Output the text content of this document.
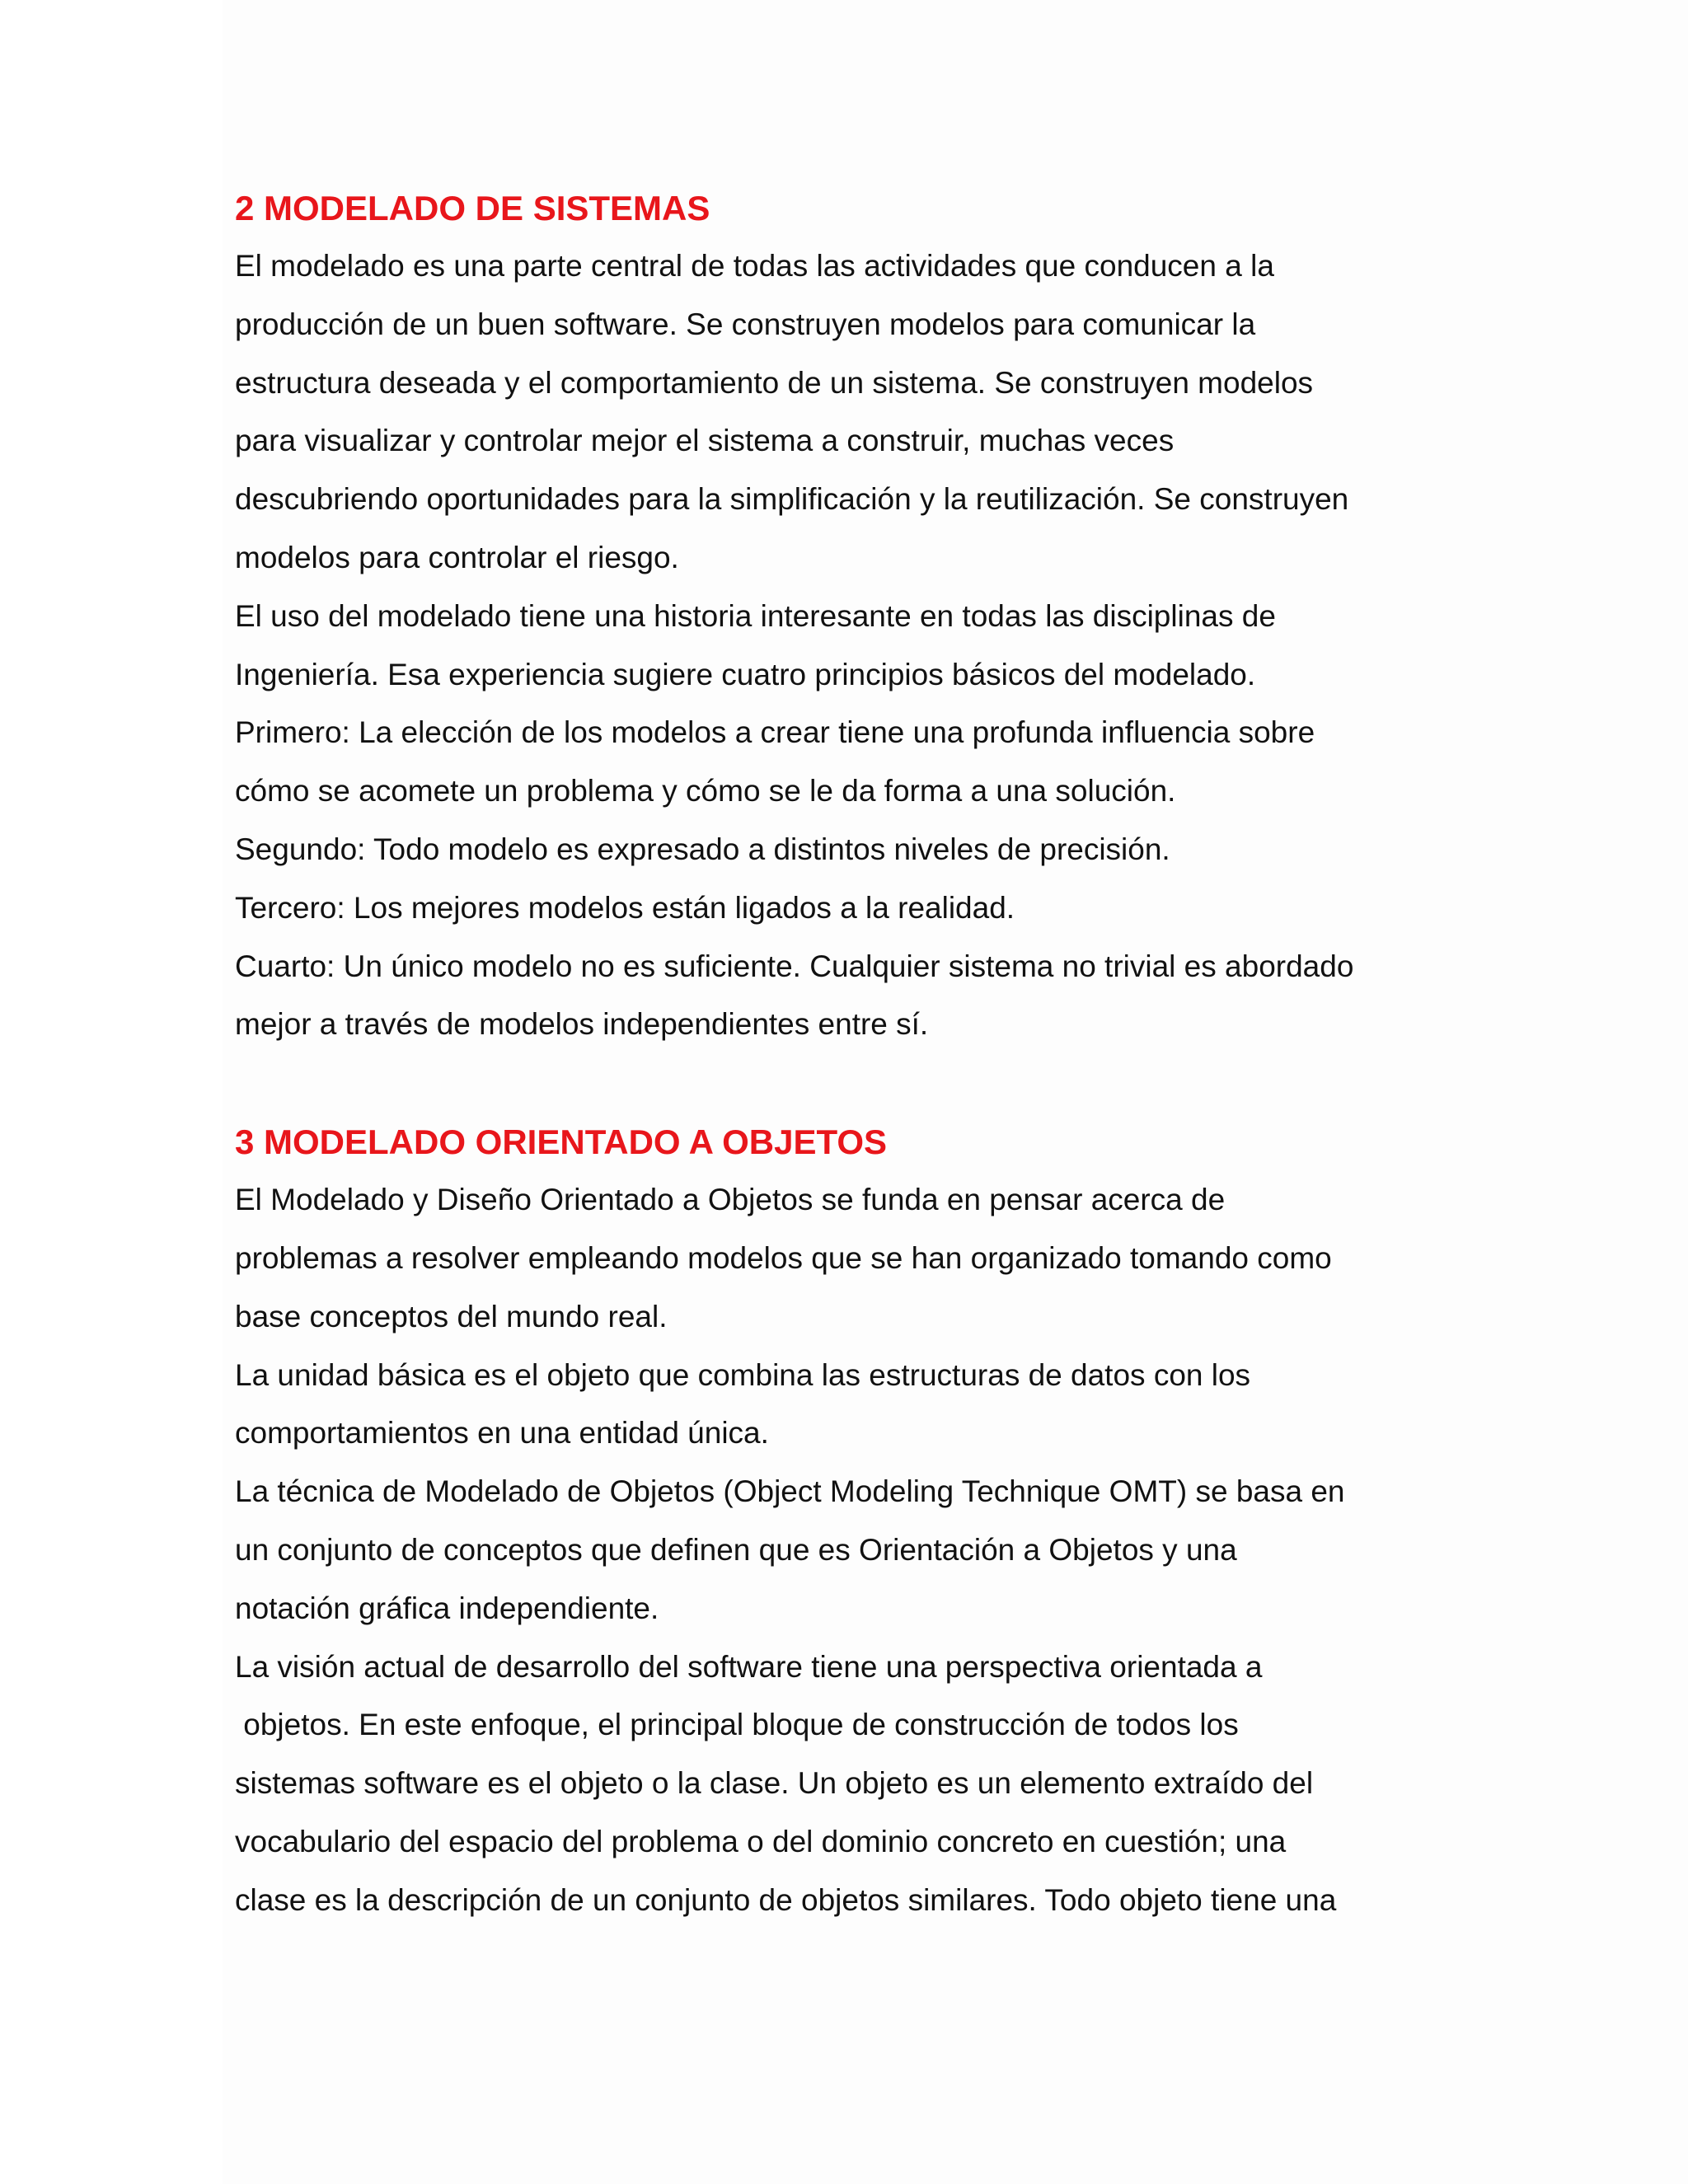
2 MODELADO DE SISTEMAS

El modelado es una parte central de todas las actividades que conducen a la

producción de un buen software. Se construyen modelos para comunicar la

estructura deseada y el comportamiento de un sistema. Se construyen modelos

para visualizar y controlar mejor el sistema a construir, muchas veces

descubriendo oportunidades para la simplificación y la reutilización. Se construyen

modelos para controlar el riesgo.

El uso del modelado tiene una historia interesante en todas las disciplinas de

Ingeniería. Esa experiencia sugiere cuatro principios básicos del modelado.

Primero: La elección de los modelos a crear tiene una profunda influencia sobre

cómo se acomete un problema y cómo se le da forma a una solución.

Segundo: Todo modelo es expresado a distintos niveles de precisión.

Tercero: Los mejores modelos están ligados a la realidad.

Cuarto: Un único modelo no es suficiente. Cualquier sistema no trivial es abordado

mejor a través de modelos independientes entre sí.

3 MODELADO ORIENTADO A OBJETOS

El Modelado y Diseño Orientado a Objetos se funda en pensar acerca de

problemas a resolver empleando modelos que se han organizado tomando como

base conceptos del mundo real.

La unidad básica es el objeto que combina las estructuras de datos con los

comportamientos en una entidad única.

La técnica de Modelado de Objetos (Object Modeling Technique OMT) se basa en

un conjunto de conceptos que definen que es Orientación a Objetos y una

notación gráfica independiente.

La visión actual de desarrollo del software tiene una perspectiva orientada a

objetos. En este enfoque, el principal bloque de construcción de todos los

sistemas software es el objeto o la clase. Un objeto es un elemento extraído del

vocabulario del espacio del problema o del dominio concreto en cuestión; una

clase es la descripción de un conjunto de objetos similares. Todo objeto tiene una
